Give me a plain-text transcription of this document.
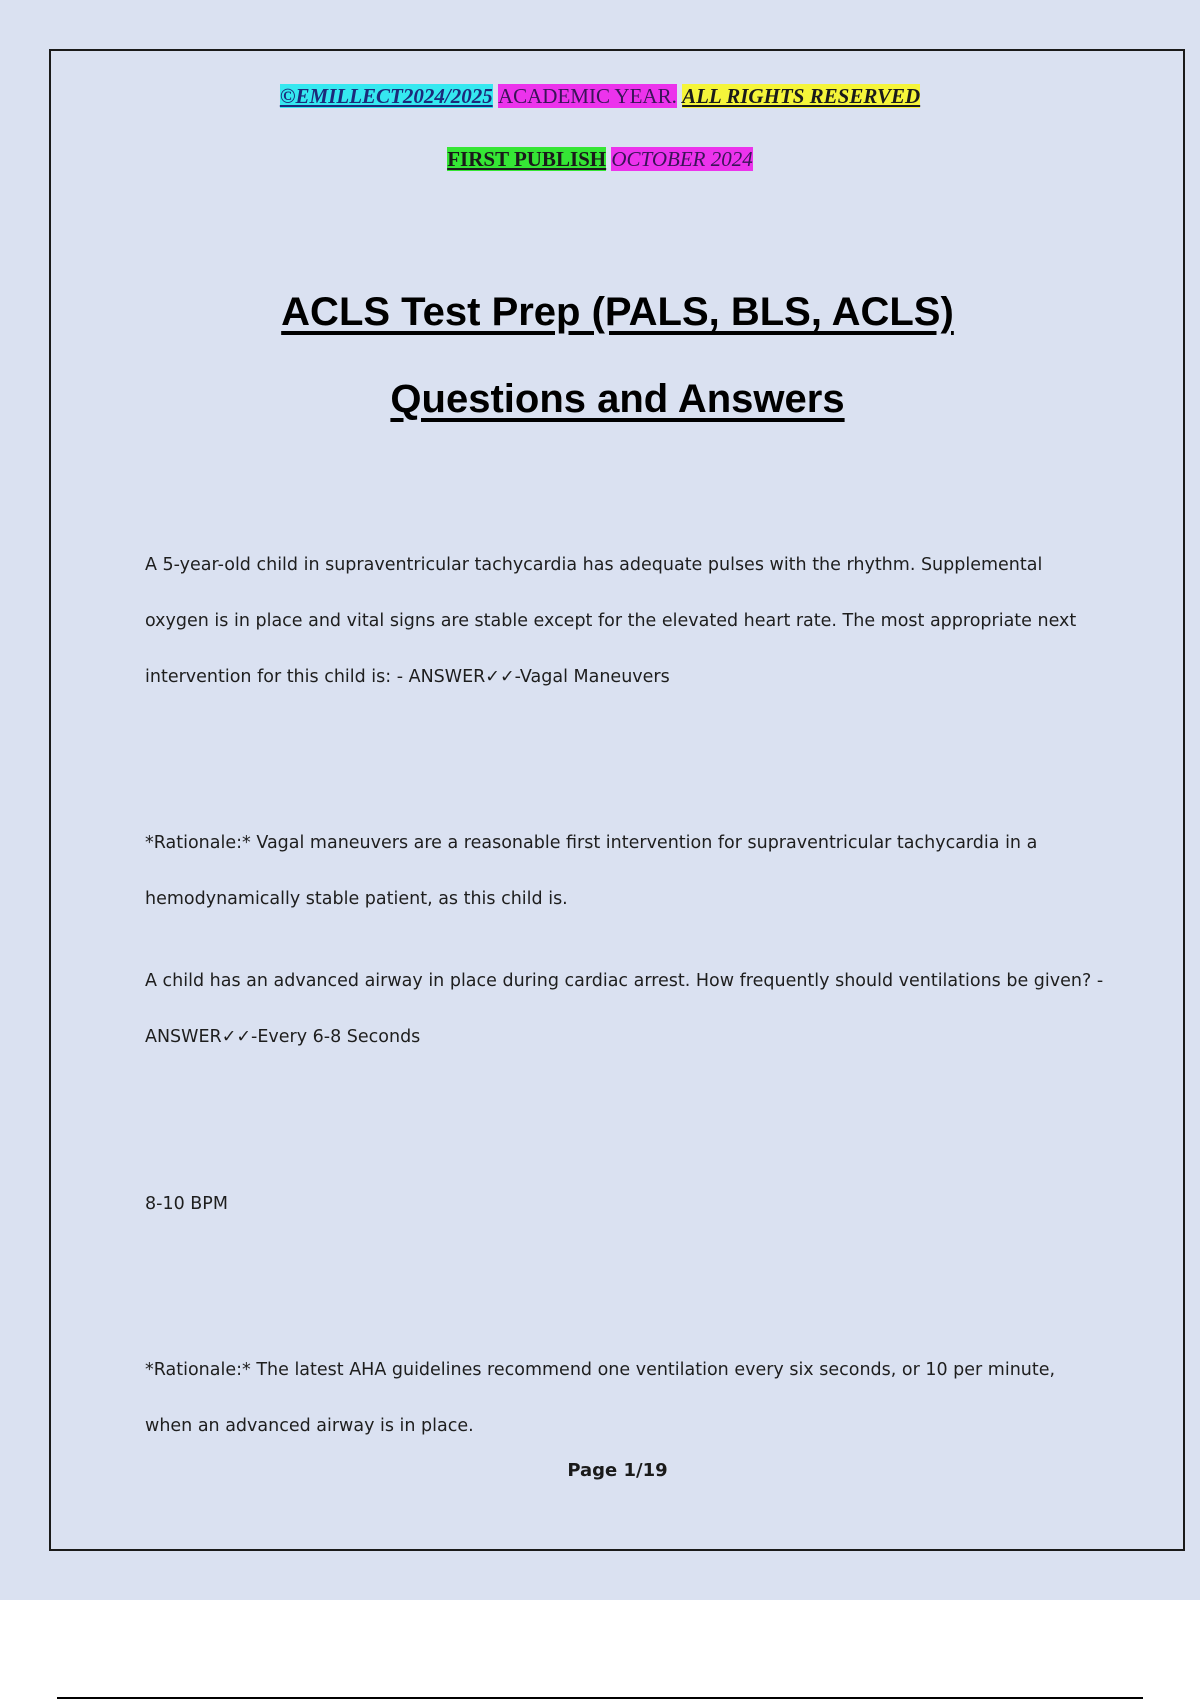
©EMILLECT2024/2025 ACADEMIC YEAR. ALL RIGHTS RESERVED
FIRST PUBLISH OCTOBER 2024
ACLS Test Prep (PALS, BLS, ACLS)
Questions and Answers

A 5-year-old child in supraventricular tachycardia has adequate pulses with the rhythm. Supplemental oxygen is in place and vital signs are stable except for the elevated heart rate. The most appropriate next intervention for this child is: - ANSWER✓✓-Vagal Maneuvers

*Rationale:* Vagal maneuvers are a reasonable first intervention for supraventricular tachycardia in a hemodynamically stable patient, as this child is.

A child has an advanced airway in place during cardiac arrest. How frequently should ventilations be given? - ANSWER✓✓-Every 6-8 Seconds

8-10 BPM

*Rationale:* The latest AHA guidelines recommend one ventilation every six seconds, or 10 per minute, when an advanced airway is in place.

Page 1/19
